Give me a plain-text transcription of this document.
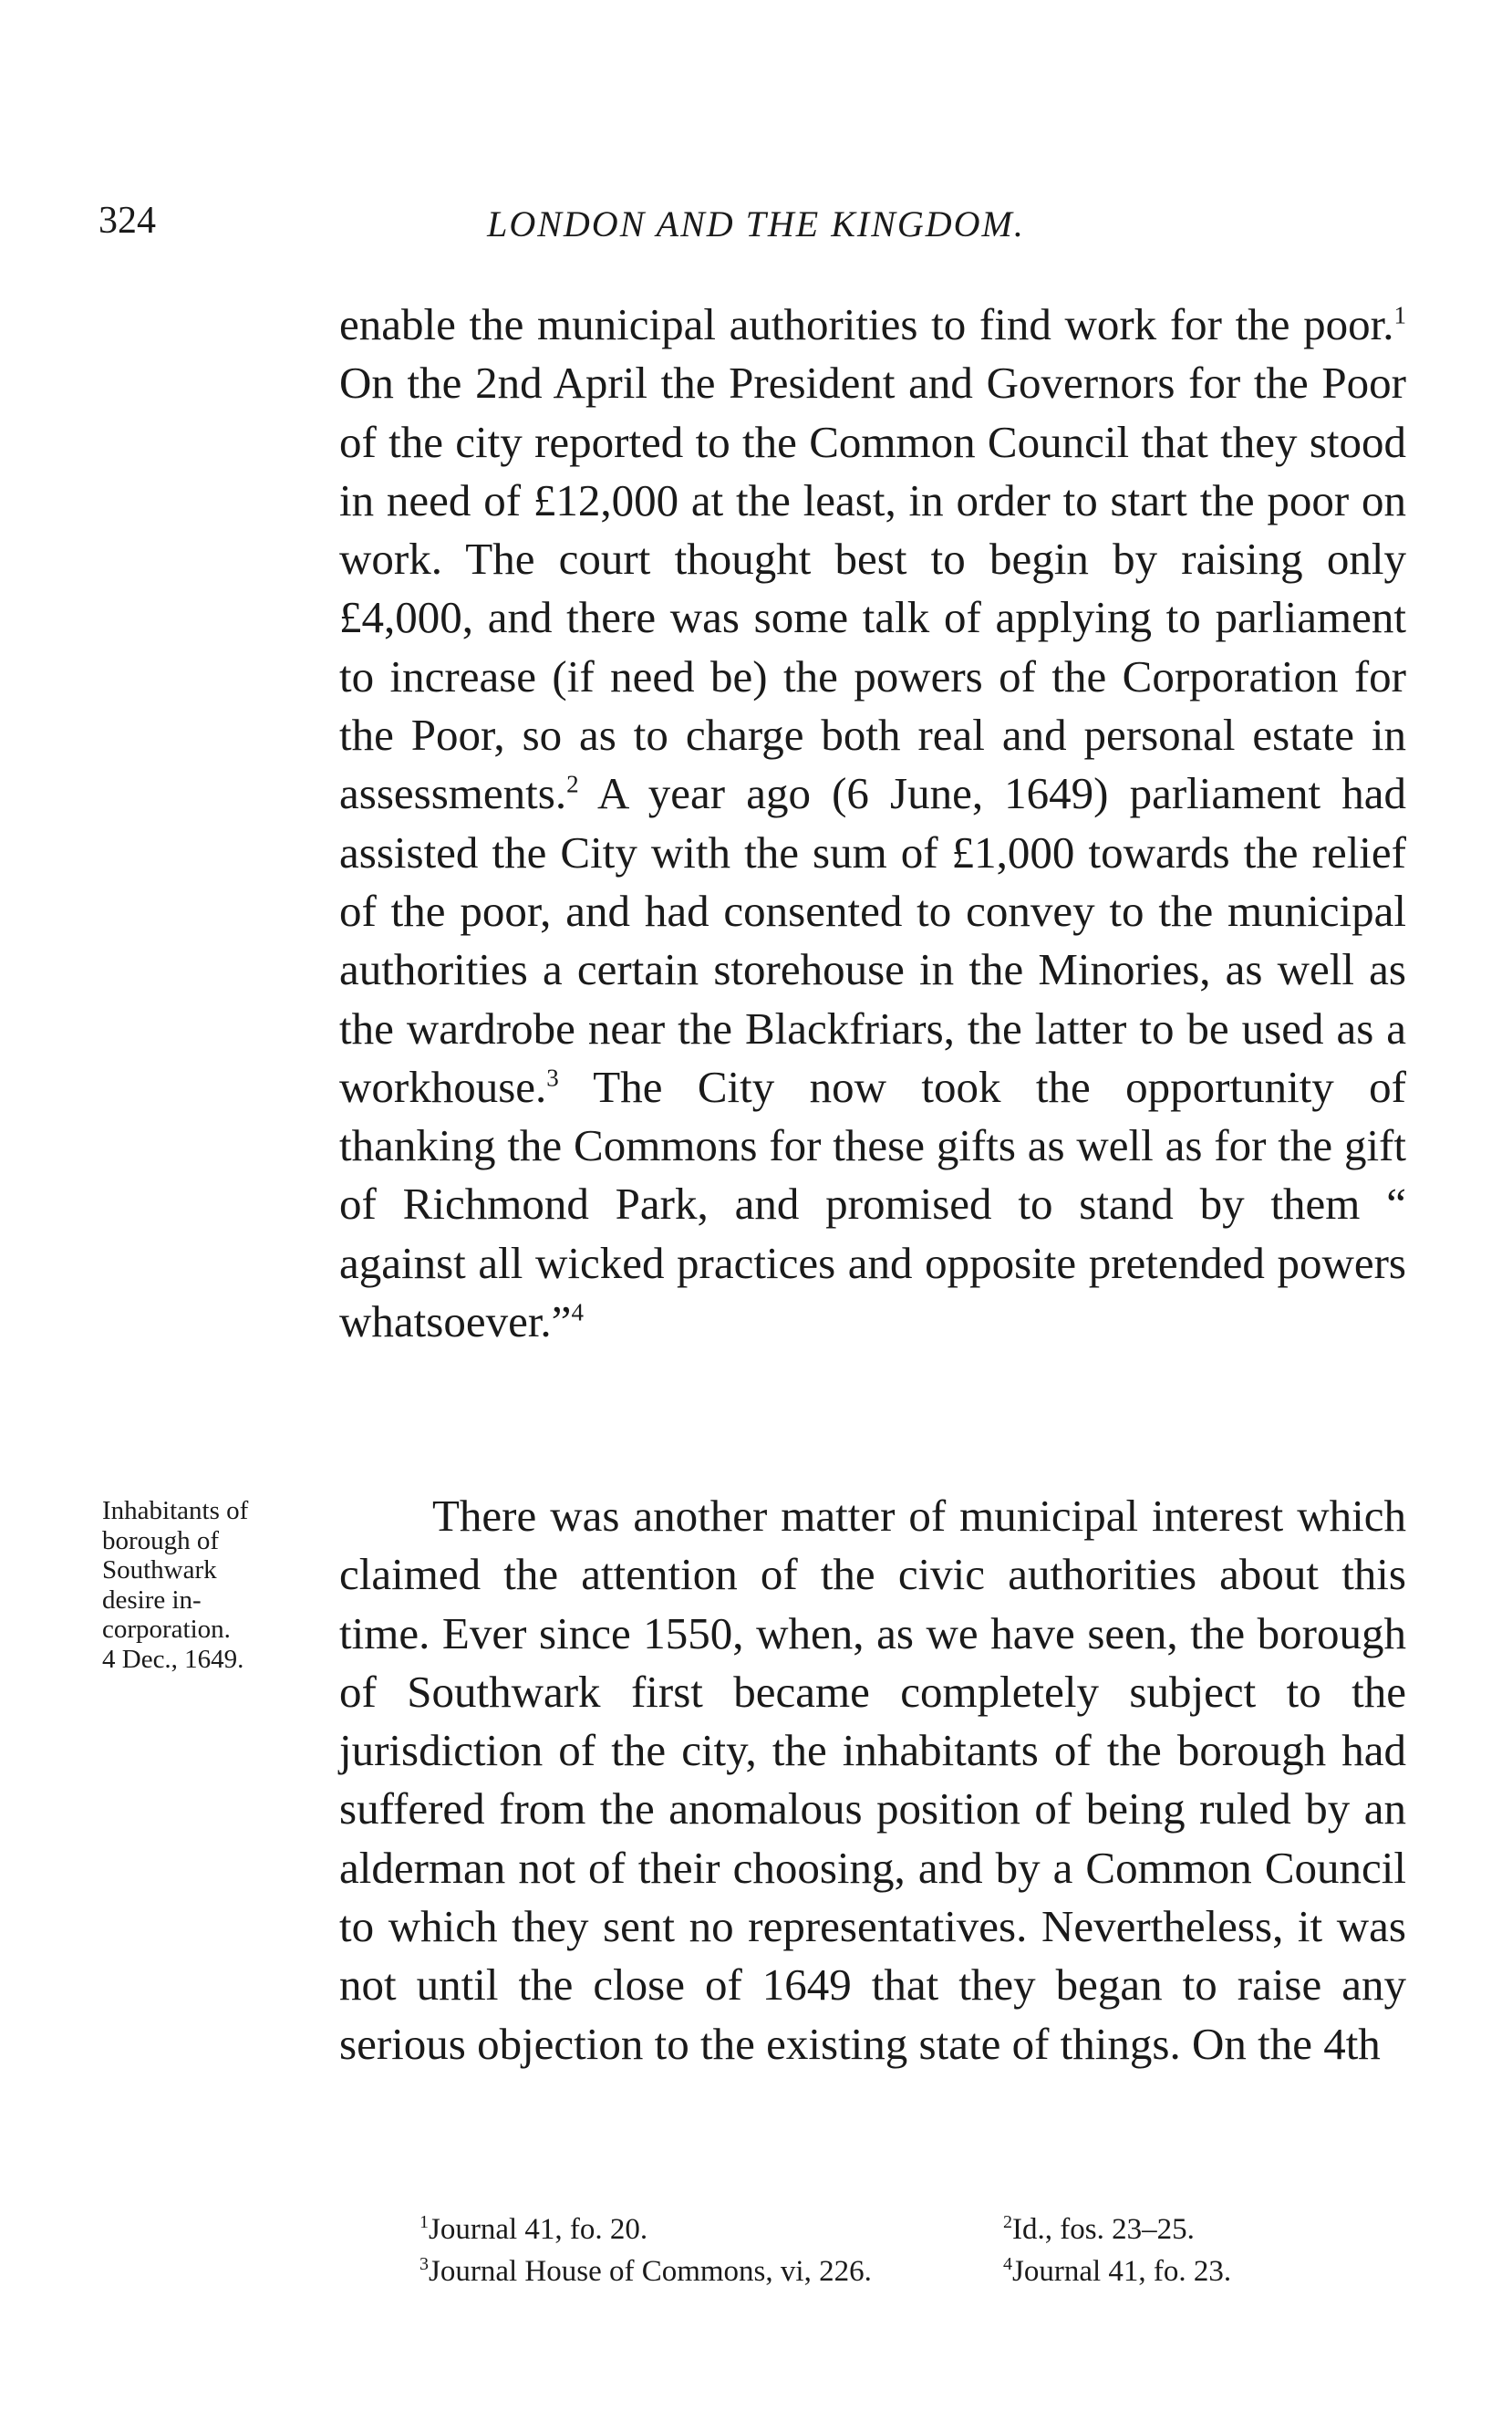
324	LONDON AND THE KINGDOM.
enable the municipal authorities to find work for the poor.$^1$ On the 2nd April the President and Governors for the Poor of the city reported to the Common Council that they stood in need of £12,000 at the least, in order to start the poor on work. The court thought best to begin by raising only £4,000, and there was some talk of applying to parliament to increase (if need be) the powers of the Corporation for the Poor, so as to charge both real and personal estate in assessments.$^2$ A year ago (6 June, 1649) parliament had assisted the City with the sum of £1,000 towards the relief of the poor, and had consented to convey to the municipal authorities a certain storehouse in the Minories, as well as the wardrobe near the Blackfriars, the latter to be used as a workhouse.$^3$ The City now took the opportunity of thanking the Commons for these gifts as well as for the gift of Richmond Park, and promised to stand by them “ against all wicked practices and opposite pretended powers whatsoever.”$^4$
Inhabitants of
borough of
Southwark
desire in-
corporation.
4 Dec., 1649.
There was another matter of municipal interest which claimed the attention of the civic authorities about this time. Ever since 1550, when, as we have seen, the borough of Southwark first became completely subject to the jurisdiction of the city, the inhabitants of the borough had suffered from the anomalous position of being ruled by an alderman not of their choosing, and by a Common Council to which they sent no representatives. Nevertheless, it was not until the close of 1649 that they began to raise any serious objection to the existing state of things. On the 4th
$^1$Journal 41, fo. 20.	$^2$Id., fos. 23–25.
$^3$Journal House of Commons, vi, 226.	$^4$Journal 41, fo. 23.
